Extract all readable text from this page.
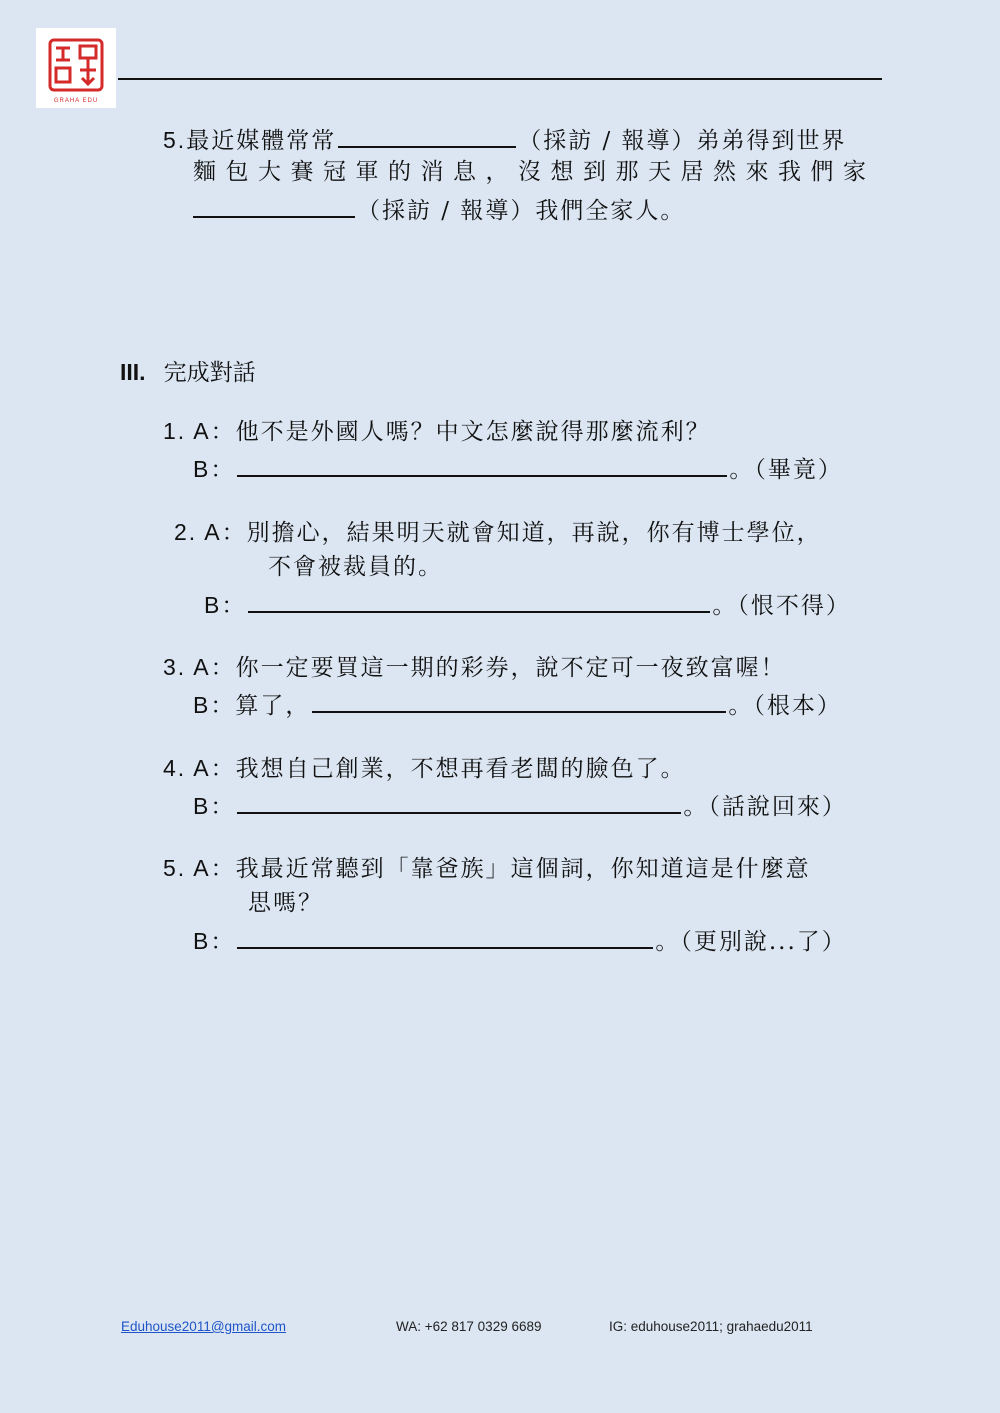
GRAHA EDU
5.最近媒體常常	（採訪 / 報導）弟弟得到世界
麵包大賽冠軍的消息，沒想到那天居然來我們家
（採訪 / 報導）我們全家人。
III. 完成對話
1. A：他不是外國人嗎？中文怎麼說得那麼流利？
B：	。（畢竟）
2. A：別擔心，結果明天就會知道，再說，你有博士學位，
不會被裁員的。
B：	。（恨不得）
3. A：你一定要買這一期的彩券，說不定可一夜致富喔！
B：算了，	。（根本）
4. A：我想自己創業，不想再看老闆的臉色了。
B：	。（話說回來）
5. A：我最近常聽到「靠爸族」這個詞，你知道這是什麼意
思嗎？
B：	。（更別說...了）
Eduhouse2011@gmail.com	WA: +62 817 0329 6689	IG: eduhouse2011; grahaedu2011
